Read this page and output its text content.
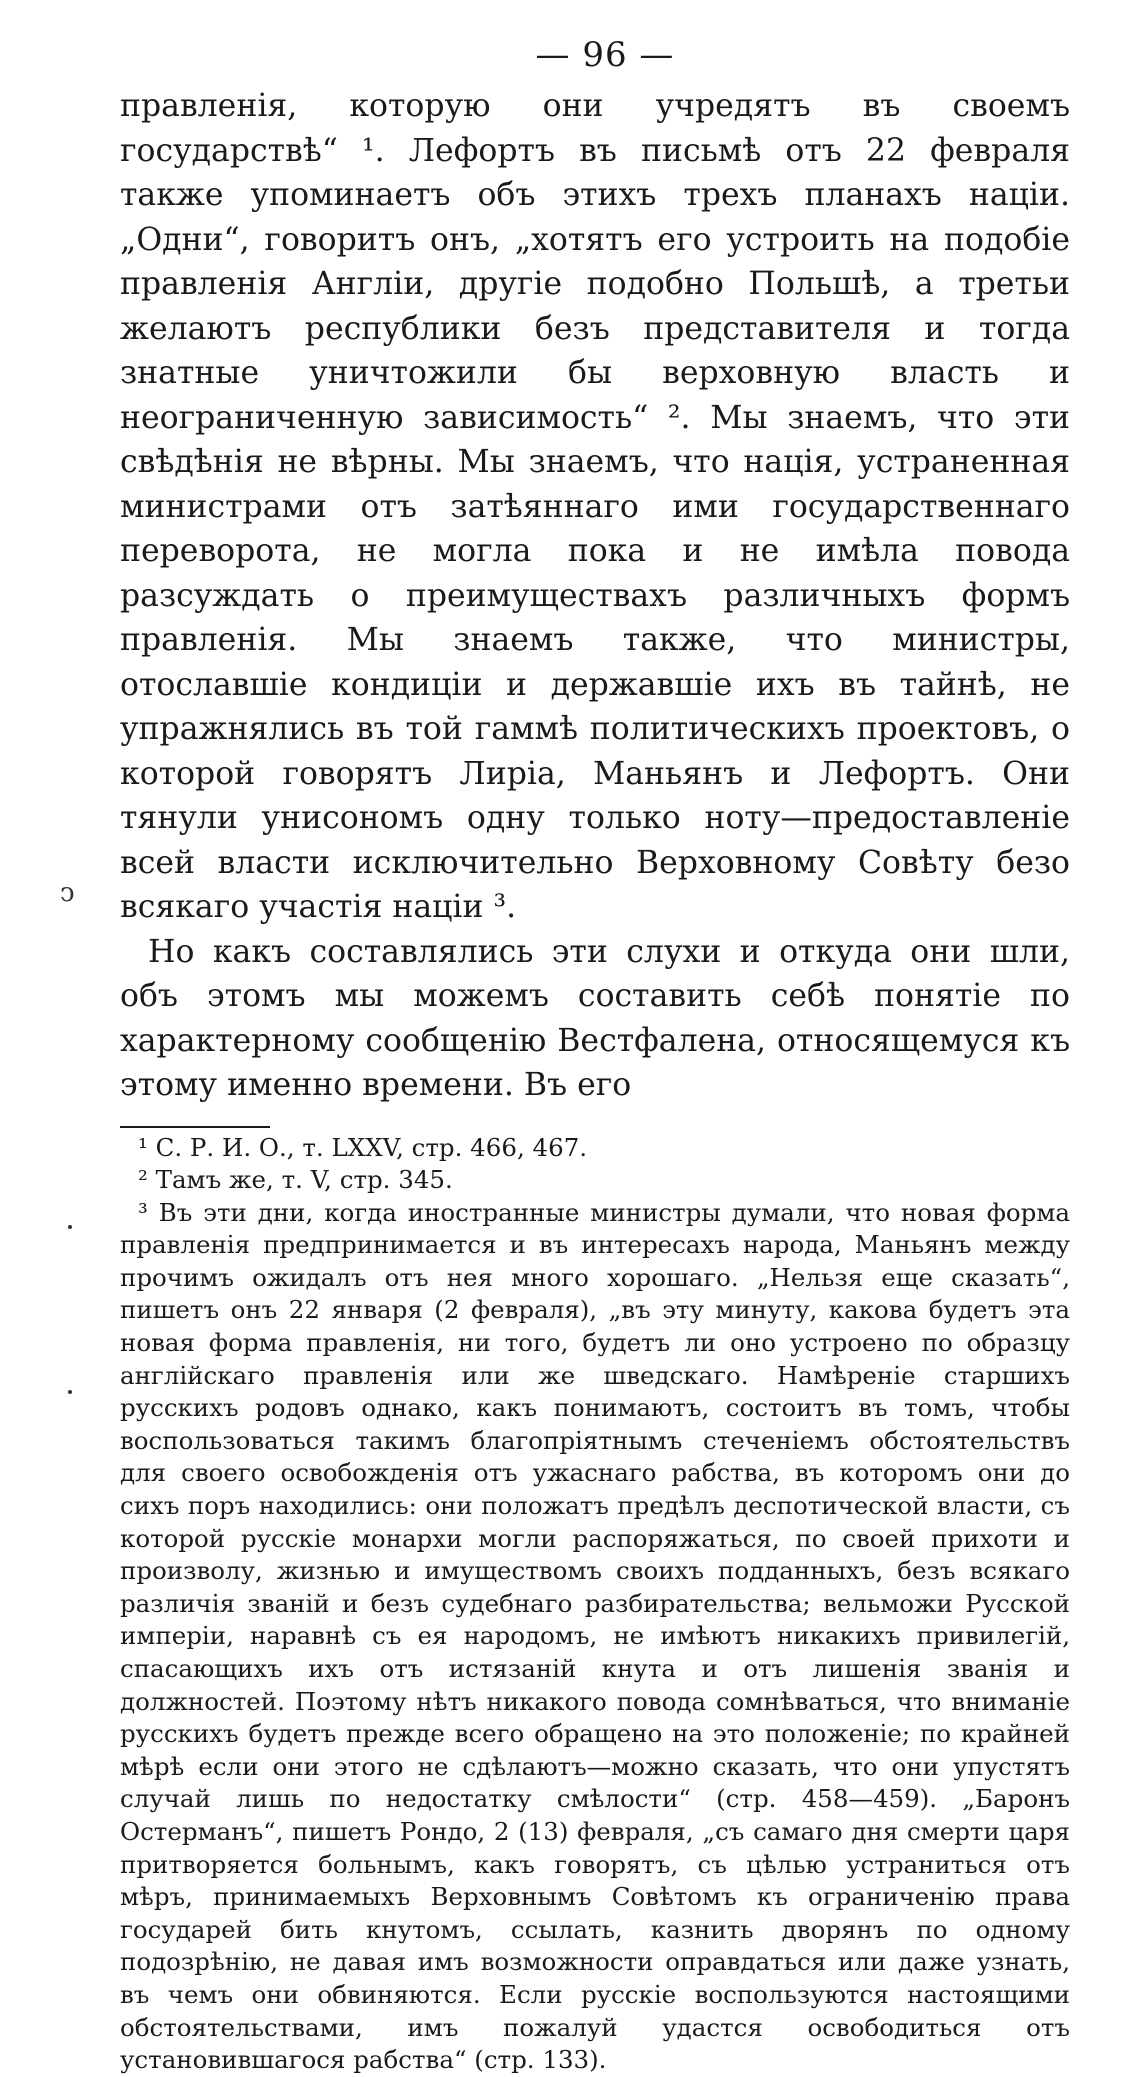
ↄ
— 96 —

правленія, которую они учредятъ въ своемъ государствѣ“ ¹. Лефортъ въ письмѣ отъ 22 февраля также упоминаетъ объ этихъ трехъ планахъ націи. „Одни“, говоритъ онъ, „хотятъ его устроить на подобіе правленія Англіи, другіе подобно Польшѣ, а третьи желаютъ республики безъ представителя и тогда знатные уничтожили бы верховную власть и неограниченную зависимость“ ². Мы знаемъ, что эти свѣдѣнія не вѣрны. Мы знаемъ, что нація, устраненная министрами отъ затѣяннаго ими государственнаго переворота, не могла пока и не имѣла повода разсуждать о преимуществахъ различныхъ формъ правленія. Мы знаемъ также, что министры, отославшіе кондиціи и державшіе ихъ въ тайнѣ, не упражнялись въ той гаммѣ политическихъ проектовъ, о которой говорятъ Лиріа, Маньянъ и Лефортъ. Они тянули унисономъ одну только ноту—предоставленіе всей власти исключительно Верховному Совѣту безо всякаго участія націи ³.

Но какъ составлялись эти слухи и откуда они шли, объ этомъ мы можемъ составить себѣ понятіе по характерному сообщенію Вестфалена, относящемуся къ этому именно времени. Въ его

¹ С. Р. И. О., т. LXXV, стр. 466, 467.

² Тамъ же, т. V, стр. 345.

³ Въ эти дни, когда иностранные министры думали, что новая форма правленія предпринимается и въ интересахъ народа, Маньянъ между прочимъ ожидалъ отъ нея много хорошаго. „Нельзя еще сказать“, пишетъ онъ 22 января (2 февраля), „въ эту минуту, какова будетъ эта новая форма правленія, ни того, будетъ ли оно устроено по образцу англійскаго правленія или же шведскаго. Намѣреніе старшихъ русскихъ родовъ однако, какъ понимаютъ, состоитъ въ томъ, чтобы воспользоваться такимъ благопріятнымъ стеченіемъ обстоятельствъ для своего освобожденія отъ ужаснаго рабства, въ которомъ они до сихъ поръ находились: они положатъ предѣлъ деспотической власти, съ которой русскіе монархи могли распоряжаться, по своей прихоти и произволу, жизнью и имуществомъ своихъ подданныхъ, безъ всякаго различія званій и безъ судебнаго разбирательства; вельможи Русской имперіи, наравнѣ съ ея народомъ, не имѣютъ никакихъ привилегій, спасающихъ ихъ отъ истязаній кнута и отъ лишенія званія и должностей. Поэтому нѣтъ никакого повода сомнѣваться, что вниманіе русскихъ будетъ прежде всего обращено на это положеніе; по крайней мѣрѣ если они этого не сдѣлаютъ—можно сказать, что они упустятъ случай лишь по недостатку смѣлости“ (стр. 458—459). „Баронъ Остерманъ“, пишетъ Рондо, 2 (13) февраля, „съ самаго дня смерти царя притворяется больнымъ, какъ говорятъ, съ цѣлью устраниться отъ мѣръ, принимаемыхъ Верховнымъ Совѣтомъ къ ограниченію права государей бить кнутомъ, ссылать, казнить дворянъ по одному подозрѣнію, не давая имъ возможности оправдаться или даже узнать, въ чемъ они обвиняются. Если русскіе воспользуются настоящими обстоятельствами, имъ пожалуй удастся освободиться отъ установившагося рабства“ (стр. 133).
